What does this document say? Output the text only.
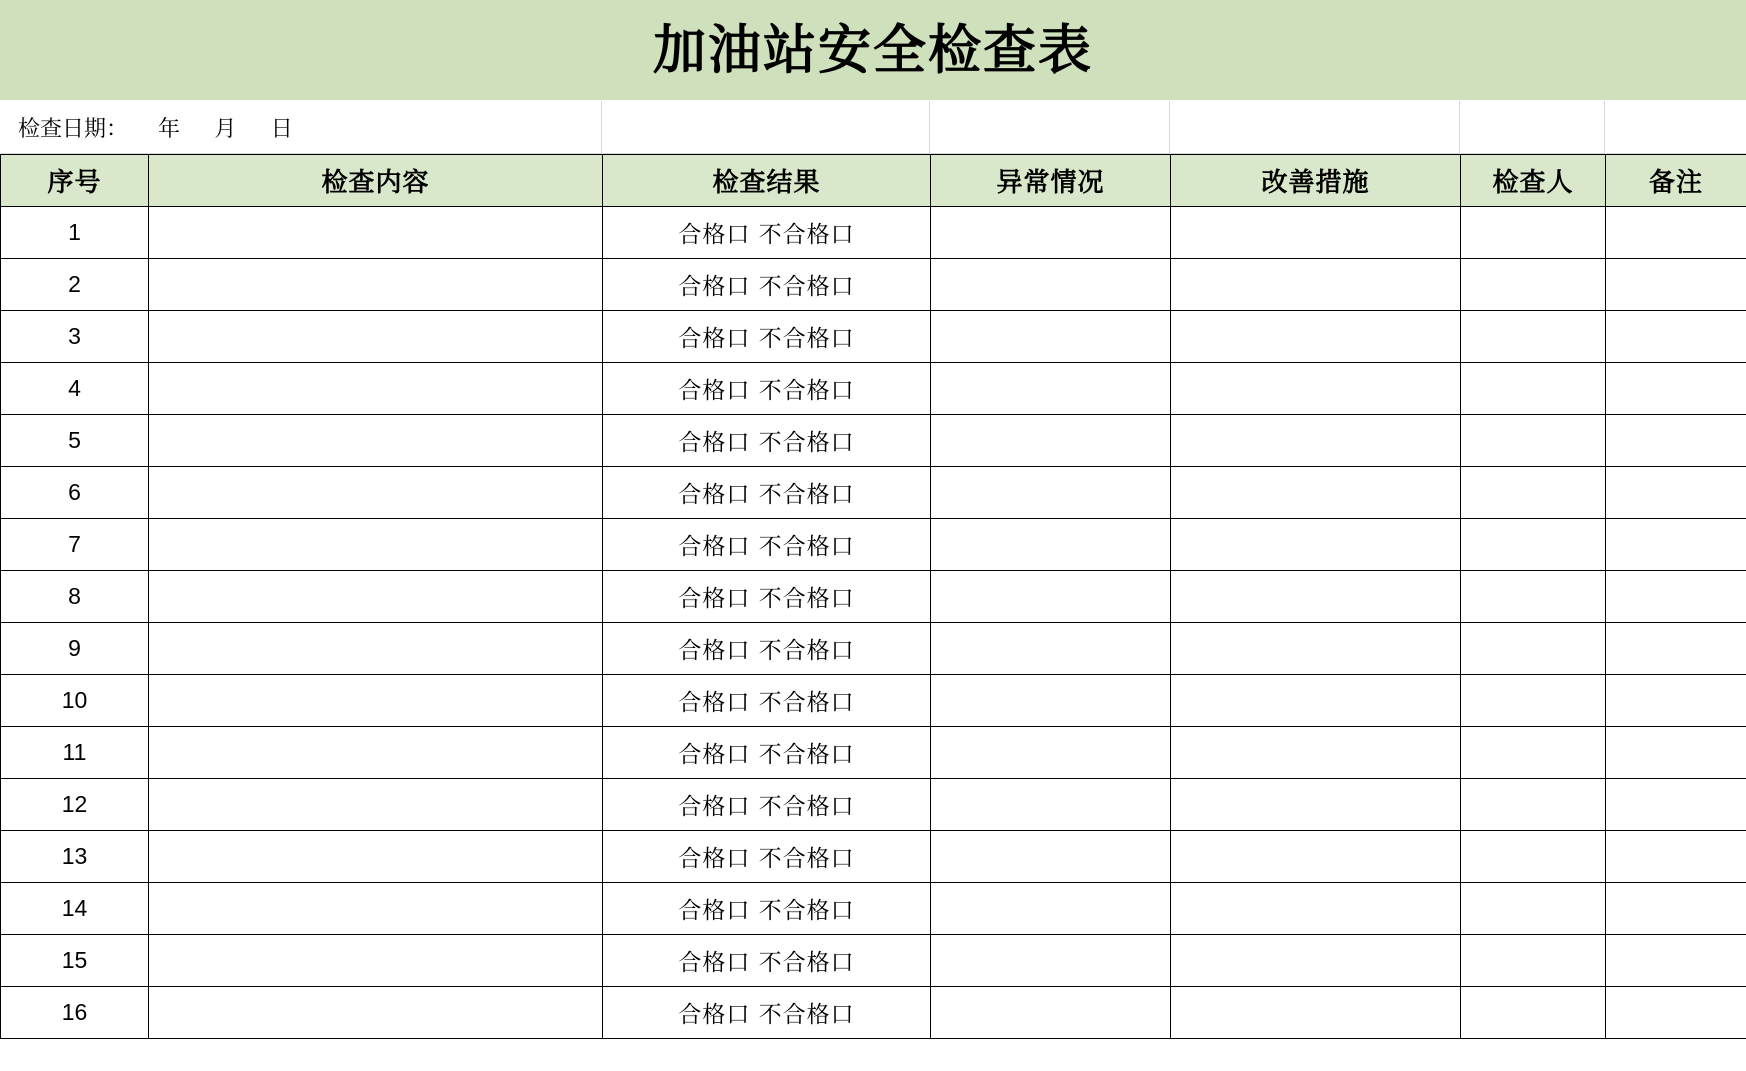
加油站安全检查表
检查日期： 年   月   日
序号	检查内容	检查结果	异常情况	改善措施	检查人	备注
1		合格口 不合格口				
2		合格口 不合格口				
3		合格口 不合格口				
4		合格口 不合格口				
5		合格口 不合格口				
6		合格口 不合格口				
7		合格口 不合格口				
8		合格口 不合格口				
9		合格口 不合格口				
10		合格口 不合格口				
11		合格口 不合格口				
12		合格口 不合格口				
13		合格口 不合格口				
14		合格口 不合格口				
15		合格口 不合格口				
16		合格口 不合格口				
